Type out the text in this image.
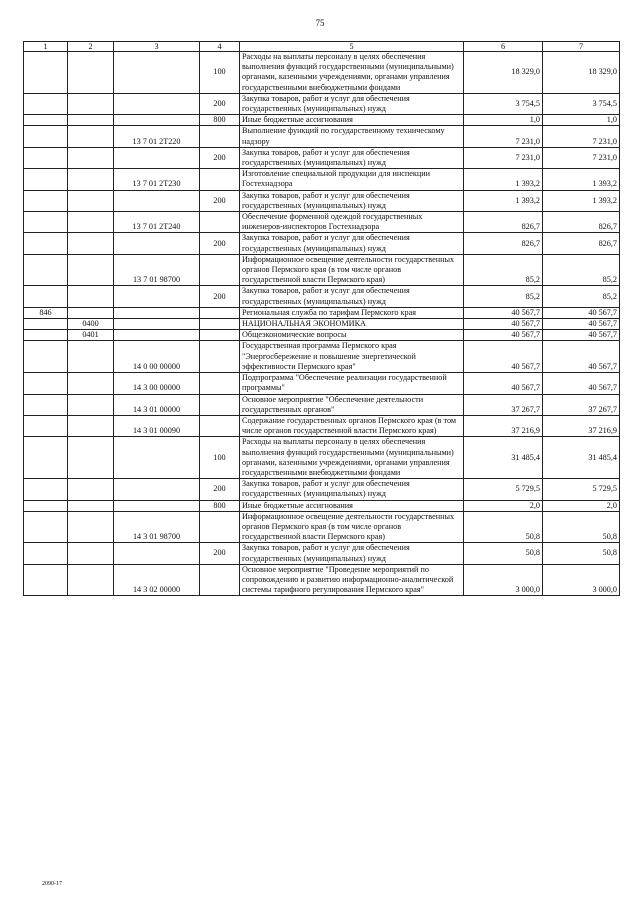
75
1	2	3	4	5	6	7
			100	Расходы на выплаты персоналу в целях обеспечения выполнения функций государственными (муниципальными) органами, казенными учреждениями, органами управления государственными внебюджетными фондами	18 329,0	18 329,0
			200	Закупка товаров, работ и услуг для обеспечения государственных (муниципальных) нужд	3 754,5	3 754,5
			800	Иные бюджетные ассигнования	1,0	1,0
		13 7 01 2T220		Выполнение функций по государственному техническому надзору	7 231,0	7 231,0
			200	Закупка товаров, работ и услуг для обеспечения государственных (муниципальных) нужд	7 231,0	7 231,0
		13 7 01 2T230		Изготовление специальной продукции для инспекции Гостехнадзора	1 393,2	1 393,2
			200	Закупка товаров, работ и услуг для обеспечения государственных (муниципальных) нужд	1 393,2	1 393,2
		13 7 01 2T240		Обеспечение форменной одеждой государственных инженеров-инспекторов Гостехнадзора	826,7	826,7
			200	Закупка товаров, работ и услуг для обеспечения государственных (муниципальных) нужд	826,7	826,7
		13 7 01 98700		Информационное освещение деятельности государственных органов Пермского края (в том числе органов государственной власти Пермского края)	85,2	85,2
			200	Закупка товаров, работ и услуг для обеспечения государственных (муниципальных) нужд	85,2	85,2
846				Региональная служба по тарифам Пермского края	40 567,7	40 567,7
	0400			НАЦИОНАЛЬНАЯ ЭКОНОМИКА	40 567,7	40 567,7
	0401			Общеэкономические вопросы	40 567,7	40 567,7
		14 0 00 00000		Государственная программа Пермского края "Энергосбережение и повышение энергетической эффективности Пермского края"	40 567,7	40 567,7
		14 3 00 00000		Подпрограмма "Обеспечение реализации государственной программы"	40 567,7	40 567,7
		14 3 01 00000		Основное мероприятие "Обеспечение деятельности государственных органов"	37 267,7	37 267,7
		14 3 01 00090		Содержание государственных органов Пермского края (в том числе органов государственной власти Пермского края)	37 216,9	37 216,9
			100	Расходы на выплаты персоналу в целях обеспечения выполнения функций государственными (муниципальными) органами, казенными учреждениями, органами управления государственными внебюджетными фондами	31 485,4	31 485,4
			200	Закупка товаров, работ и услуг для обеспечения государственных (муниципальных) нужд	5 729,5	5 729,5
			800	Иные бюджетные ассигнования	2,0	2,0
		14 3 01 98700		Информационное освещение деятельности государственных органов Пермского края (в том числе органов государственной власти Пермского края)	50,8	50,8
			200	Закупка товаров, работ и услуг для обеспечения государственных (муниципальных) нужд	50,8	50,8
		14 3 02 00000		Основное мероприятие "Проведение мероприятий по сопровождению и развитию информационно-аналитической системы тарифного регулирования Пермского края"	3 000,0	3 000,0
2090-17
